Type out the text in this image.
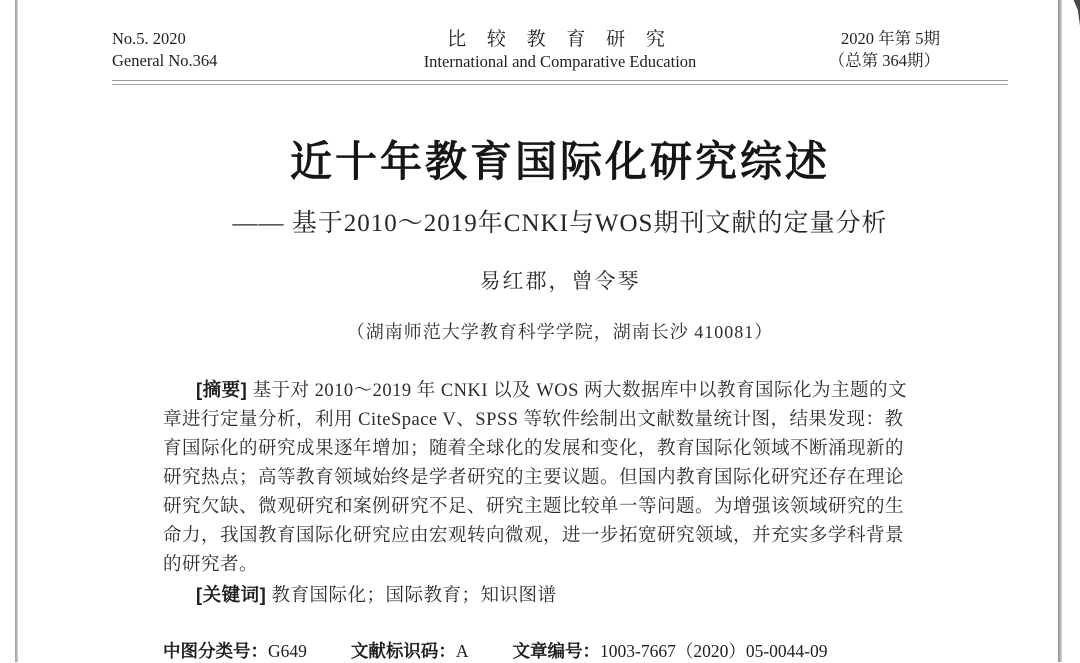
No.5. 2020
General No.364
比 较 教 育 研 究
International and Comparative Education
2020 年第 5期
（总第 364期）
近十年教育国际化研究综述
—— 基于2010～2019年CNKI与WOS期刊文献的定量分析
易红郡，曾令琴
（湖南师范大学教育科学学院，湖南长沙 410081）
[摘要] 基于对 2010～2019 年 CNKI 以及 WOS 两大数据库中以教育国际化为主题的文
章进行定量分析，利用 CiteSpace V、SPSS 等软件绘制出文献数量统计图，结果发现：教
育国际化的研究成果逐年增加；随着全球化的发展和变化，教育国际化领域不断涌现新的
研究热点；高等教育领域始终是学者研究的主要议题。但国内教育国际化研究还存在理论
研究欠缺、微观研究和案例研究不足、研究主题比较单一等问题。为增强该领域研究的生
命力，我国教育国际化研究应由宏观转向微观，进一步拓宽研究领域，并充实多学科背景
的研究者。
[关键词] 教育国际化；国际教育；知识图谱
中图分类号：G649	文献标识码：A	文章编号：1003-7667（2020）05-0044-09
